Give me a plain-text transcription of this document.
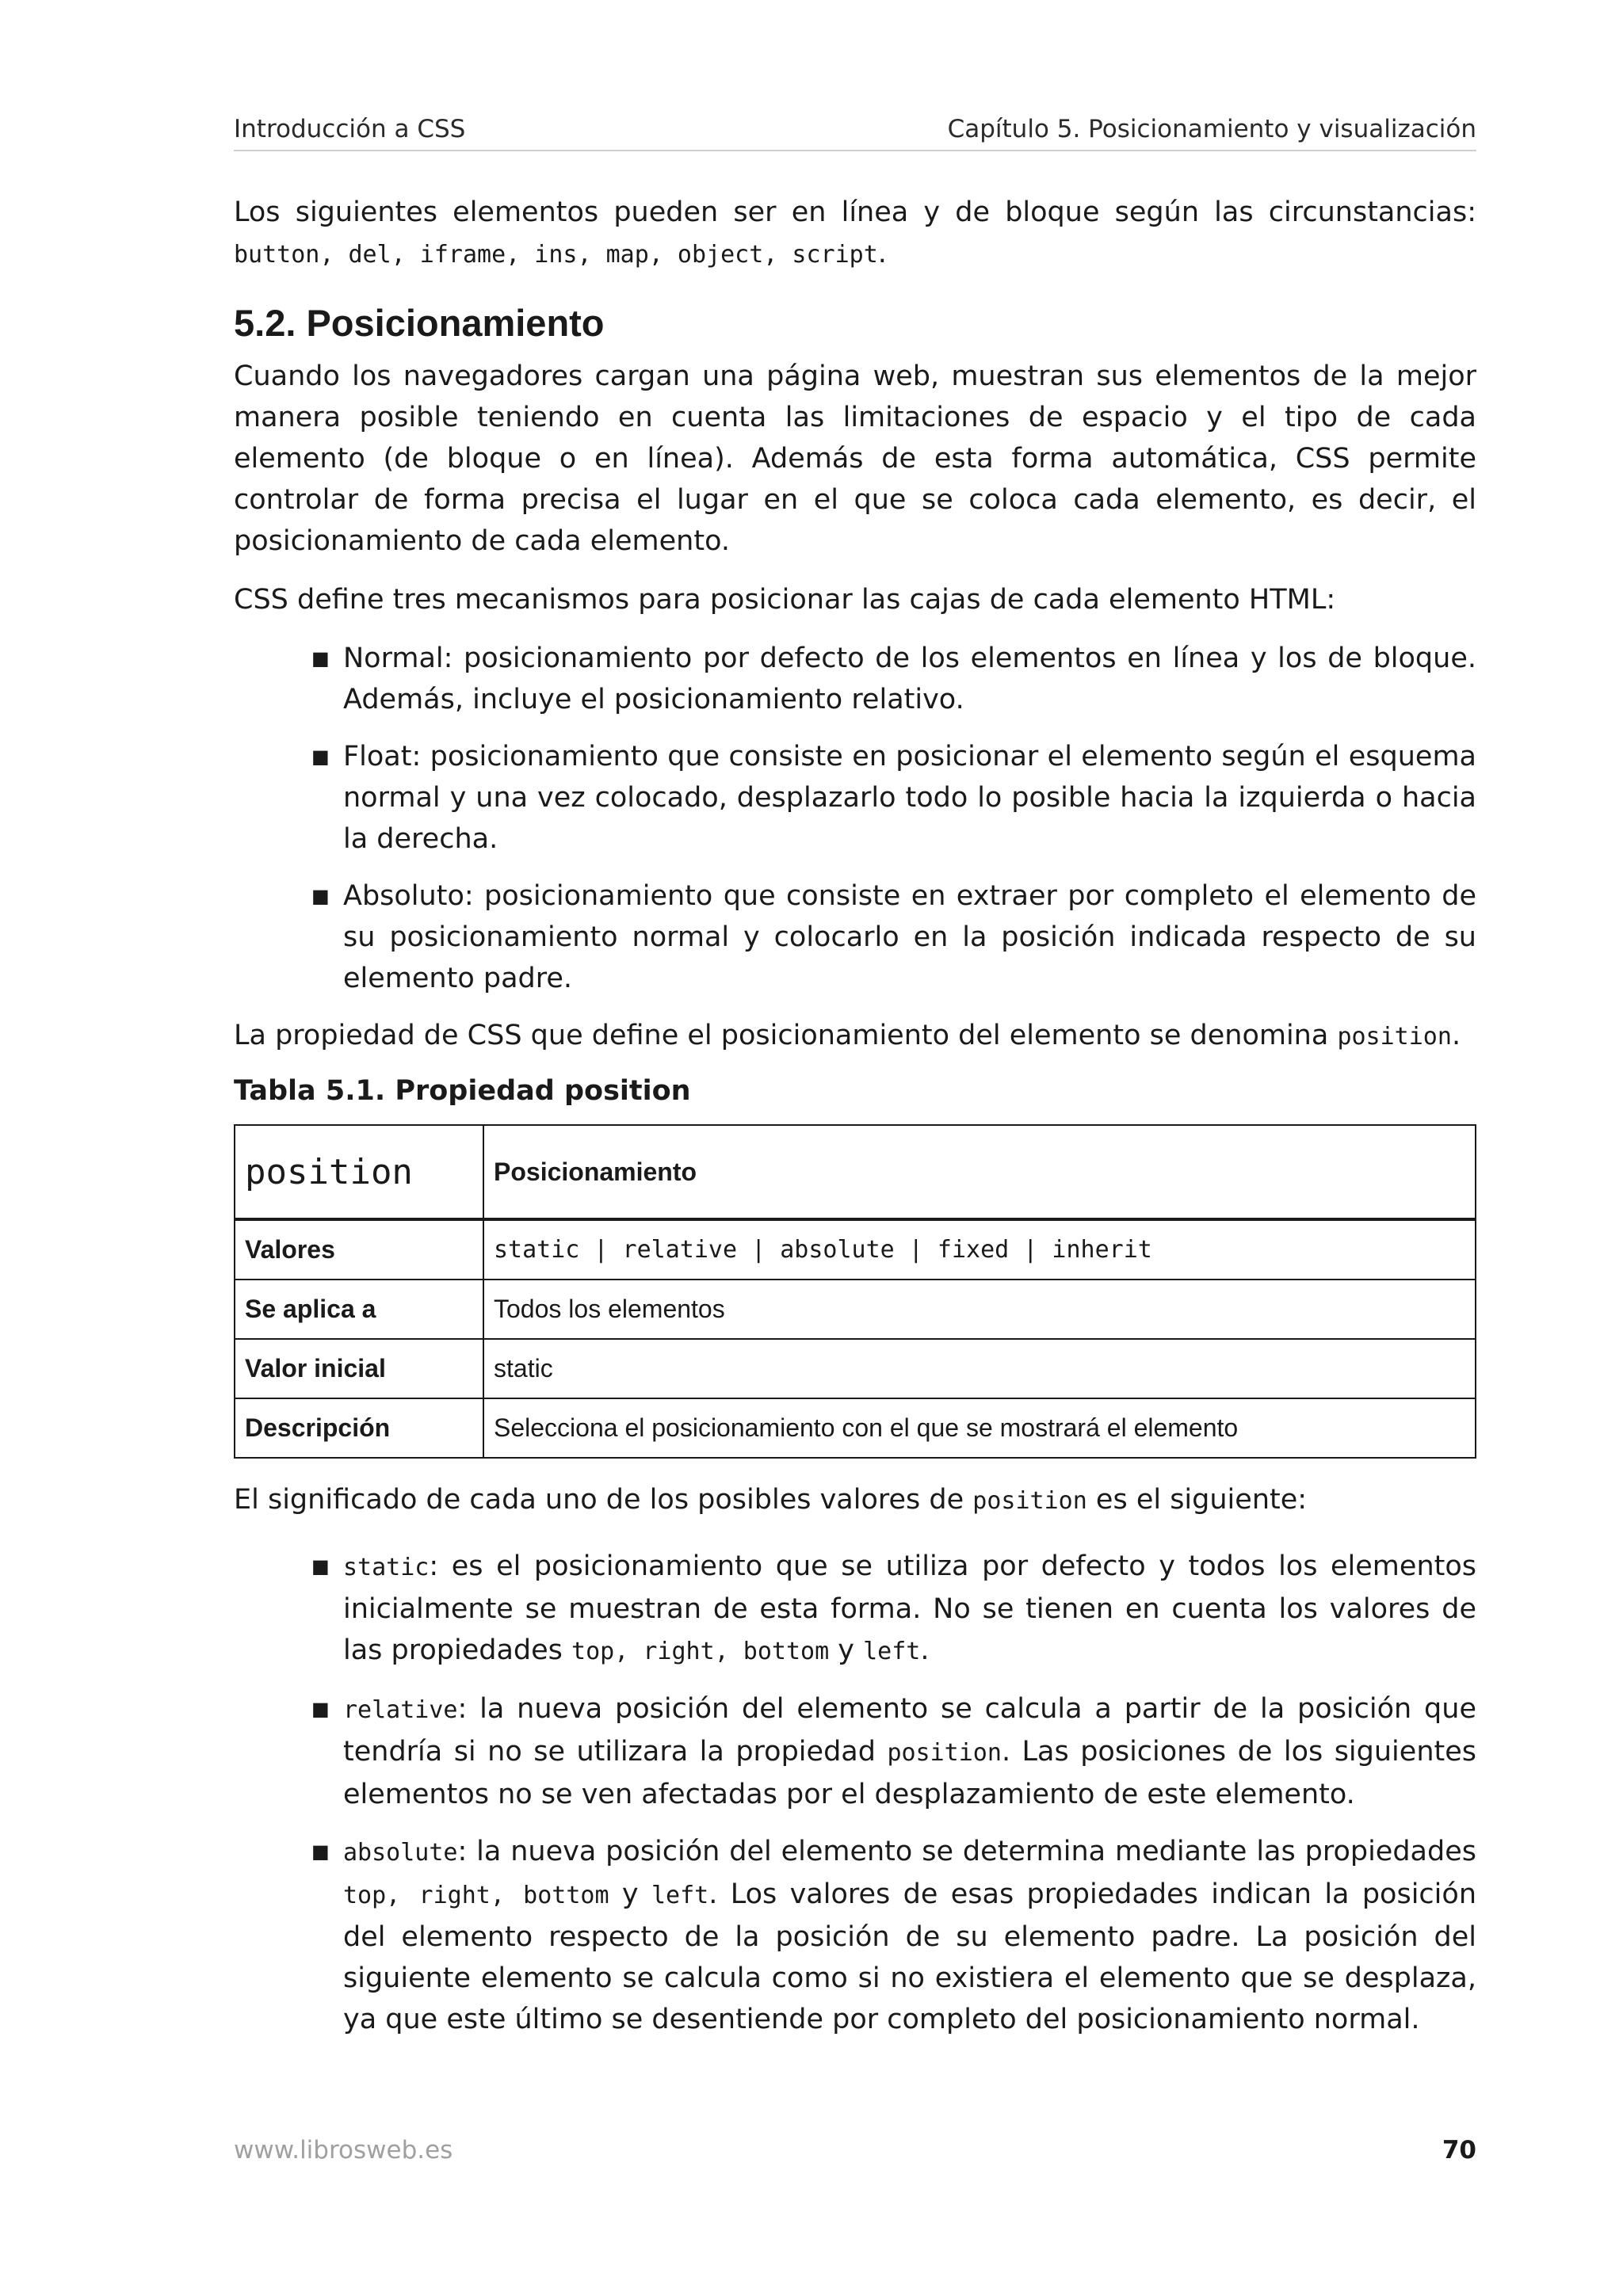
Introducción a CSS	Capítulo 5. Posicionamiento y visualización

Los siguientes elementos pueden ser en línea y de bloque según las circunstancias: button, del, iframe, ins, map, object, script.

5.2. Posicionamiento

Cuando los navegadores cargan una página web, muestran sus elementos de la mejor manera posible teniendo en cuenta las limitaciones de espacio y el tipo de cada elemento (de bloque o en línea). Además de esta forma automática, CSS permite controlar de forma precisa el lugar en el que se coloca cada elemento, es decir, el posicionamiento de cada elemento.

CSS define tres mecanismos para posicionar las cajas de cada elemento HTML:

■ Normal: posicionamiento por defecto de los elementos en línea y los de bloque. Además, incluye el posicionamiento relativo.
■ Float: posicionamiento que consiste en posicionar el elemento según el esquema normal y una vez colocado, desplazarlo todo lo posible hacia la izquierda o hacia la derecha.
■ Absoluto: posicionamiento que consiste en extraer por completo el elemento de su posicionamiento normal y colocarlo en la posición indicada respecto de su elemento padre.

La propiedad de CSS que define el posicionamiento del elemento se denomina position.

Tabla 5.1. Propiedad position
position	Posicionamiento
Valores	static | relative | absolute | fixed | inherit
Se aplica a	Todos los elementos
Valor inicial	static
Descripción	Selecciona el posicionamiento con el que se mostrará el elemento

El significado de cada uno de los posibles valores de position es el siguiente:

■ static: es el posicionamiento que se utiliza por defecto y todos los elementos inicialmente se muestran de esta forma. No se tienen en cuenta los valores de las propiedades top, right, bottom y left.
■ relative: la nueva posición del elemento se calcula a partir de la posición que tendría si no se utilizara la propiedad position. Las posiciones de los siguientes elementos no se ven afectadas por el desplazamiento de este elemento.
■ absolute: la nueva posición del elemento se determina mediante las propiedades top, right, bottom y left. Los valores de esas propiedades indican la posición del elemento respecto de la posición de su elemento padre. La posición del siguiente elemento se calcula como si no existiera el elemento que se desplaza, ya que este último se desentiende por completo del posicionamiento normal.
www.librosweb.es	70
